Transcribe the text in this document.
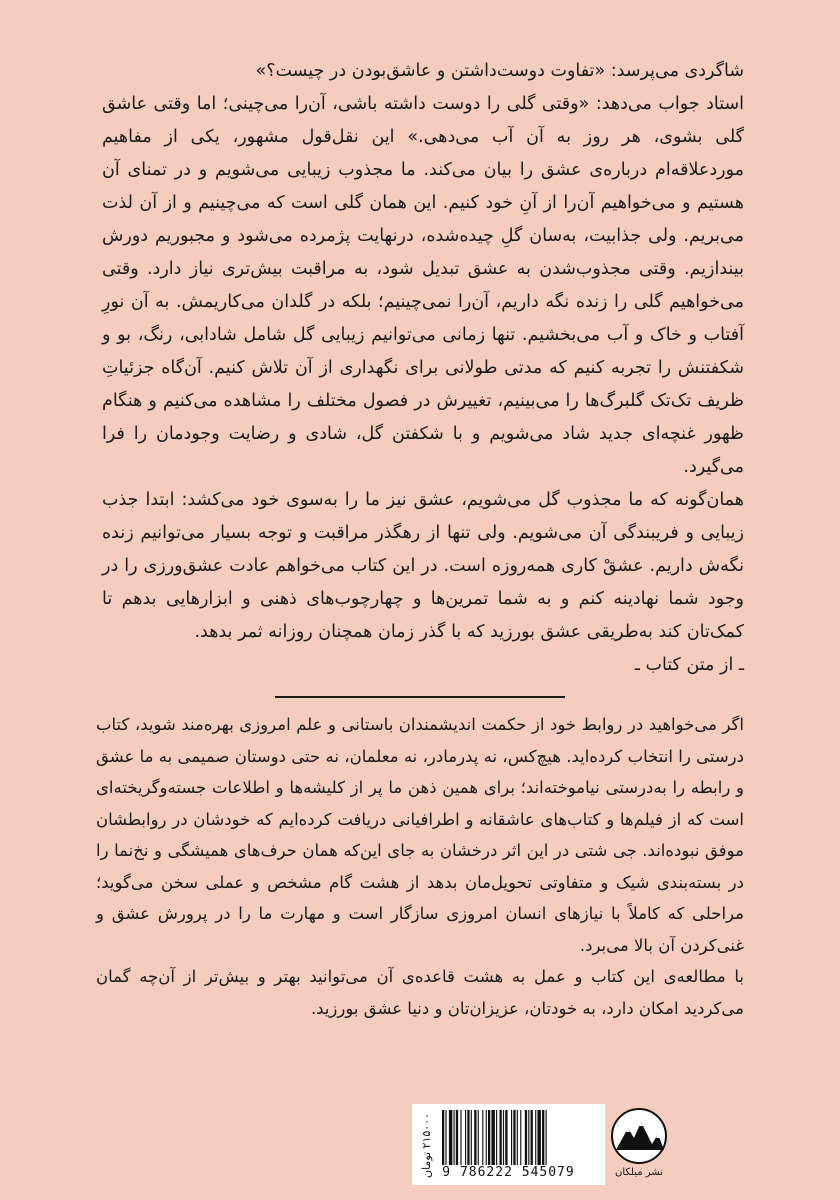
شاگردی می‌پرسد: «تفاوت دوست‌داشتن و عاشق‌بودن در چیست؟»

استاد جواب می‌دهد: «وقتی گلی را دوست داشته باشی، آن‌را می‌چینی؛ اما وقتی عاشق گلی بشوی، هر روز به آن آب می‌دهی.» این نقل‌قول مشهور، یکی از مفاهیم موردعلاقه‌ام درباره‌ی عشق را بیان می‌کند. ما مجذوب زیبایی می‌شویم و در تمنای آن هستیم و می‌خواهیم آن‌را از آنِ خود کنیم. این همان گلی است که می‌چینیم و از آن لذت می‌بریم. ولی جذابیت، به‌سان گلِ چیده‌شده، درنهایت پژمرده می‌شود و مجبوریم دورش بیندازیم. وقتی مجذوب‌شدن به عشق تبدیل شود، به مراقبت بیش‌تری نیاز دارد. وقتی می‌خواهیم گلی را زنده نگه داریم، آن‌را نمی‌چینیم؛ بلکه در گلدان می‌کاریمش. به آن نورِ آفتاب و خاک و آب می‌بخشیم. تنها زمانی می‌توانیم زیبایی گل شامل شادابی، رنگ، بو و شکفتنش را تجربه کنیم که مدتی طولانی برای نگهداری از آن تلاش کنیم. آن‌گاه جزئیاتِ ظریف تک‌تک گلبرگ‌ها را می‌بینیم، تغییرش در فصول مختلف را مشاهده می‌کنیم و هنگام ظهور غنچه‌ای جدید شاد می‌شویم و با شکفتن گل، شادی و رضایت وجودمان را فرا می‌گیرد.

همان‌گونه که ما مجذوب گل می‌شویم، عشق نیز ما را به‌سوی خود می‌کشد: ابتدا جذب زیبایی و فریبندگی آن می‌شویم. ولی تنها از رهگذر مراقبت و توجه بسیار می‌توانیم زنده نگه‌ش داریم. عشقْ کاری همه‌روزه است. در این کتاب می‌خواهم عادت عشق‌ورزی را در وجود شما نهادینه کنم و به شما تمرین‌ها و چهارچوب‌های ذهنی و ابزارهایی بدهم تا کمک‌تان کند به‌طریقی عشق بورزید که با گذر زمان همچنان روزانه ثمر بدهد.

ـ از متن کتاب ـ

اگر می‌خواهید در روابط خود از حکمت اندیشمندان باستانی و علم امروزی بهره‌مند شوید، کتاب درستی را انتخاب کرده‌اید. هیچ‌کس، نه پدرمادر، نه معلمان، نه حتی دوستان صمیمی به ما عشق و رابطه را به‌درستی نیاموخته‌اند؛ برای همین ذهن ما پر از کلیشه‌ها و اطلاعات جسته‌وگریخته‌ای است که از فیلم‌ها و کتاب‌های عاشقانه و اطرافیانی دریافت کرده‌ایم که خودشان در روابطشان موفق نبوده‌اند. جی شتی در این اثر درخشان به جای این‌که همان حرف‌های همیشگی و نخ‌نما را در بسته‌بندی شیک و متفاوتی تحویل‌مان بدهد از هشت گام مشخص و عملی سخن می‌گوید؛ مراحلی که کاملاً با نیازهای انسان امروزی سازگار است و مهارت ما را در پرورش عشق و غنی‌کردن آن بالا می‌برد.

با مطالعه‌ی این کتاب و عمل به هشت قاعده‌ی آن می‌توانید بهتر و بیش‌تر از آن‌چه گمان می‌کردید امکان دارد، به خودتان، عزیزان‌تان و دنیا عشق بورزید.

9 786222 545079
۲۱۵۰۰۰ تومان
نشر میلکان
